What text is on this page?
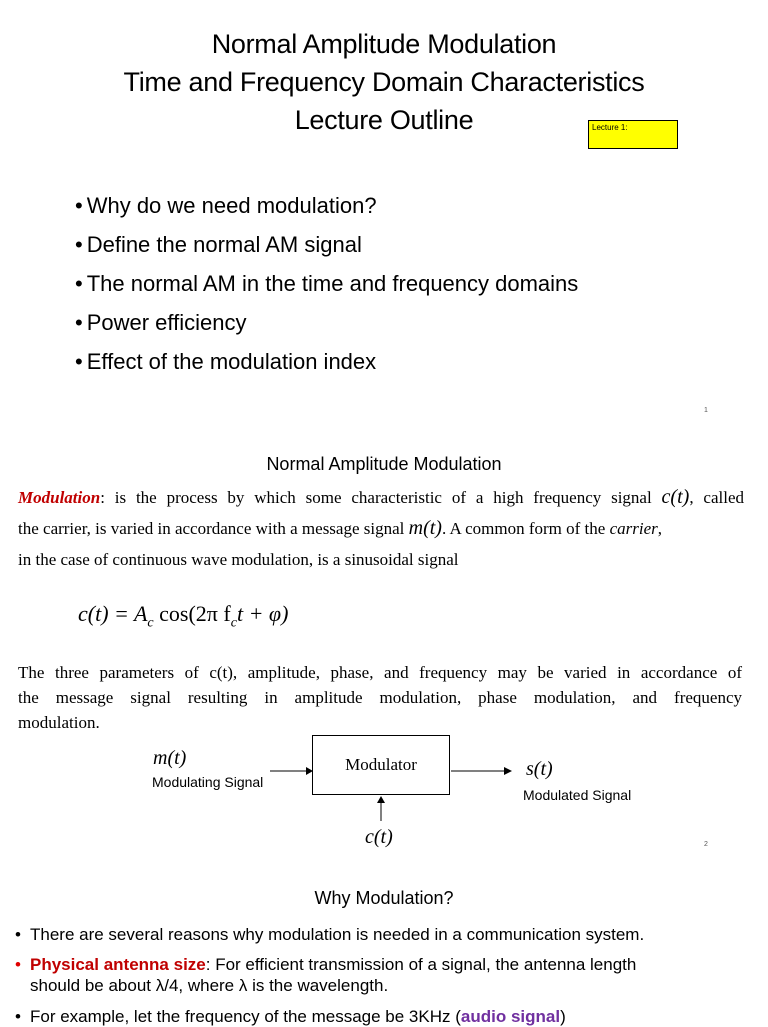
Normal Amplitude Modulation
Time and Frequency Domain Characteristics
Lecture Outline	Lecture 1:
• Why do we need modulation?
• Define the normal AM signal
• The normal AM in the time and frequency domains
• Power efficiency
• Effect of the modulation index
1
Normal Amplitude Modulation
Modulation: is the process by which some characteristic of a high frequency signal c(t), called
the carrier, is varied in accordance with a message signal m(t). A common form of the carrier,
in the case of continuous wave modulation, is a sinusoidal signal
$c(t) = A_c$ cos(2π $f_ct + \varphi$)
The three parameters of c(t), amplitude, phase, and frequency may be varied in accordance of
the message signal resulting in amplitude modulation, phase modulation, and frequency
modulation.
m(t)
Modulating Signal
Modulator	s(t)
Modulated Signal
c(t)	2
Why Modulation?
• There are several reasons why modulation is needed in a communication system.
• Physical antenna size: For efficient transmission of a signal, the antenna length
should be about λ/4, where λ is the wavelength.
• For example, let the frequency of the message be 3KHz (audio signal)
